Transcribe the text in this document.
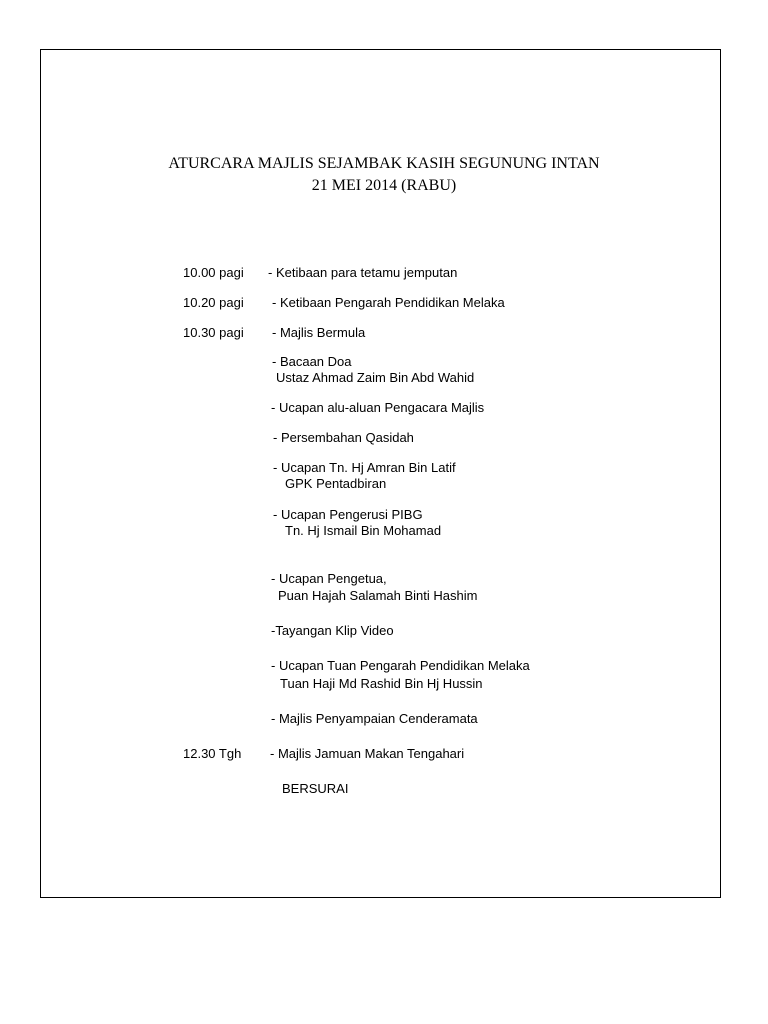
ATURCARA MAJLIS SEJAMBAK KASIH SEGUNUNG INTAN
21 MEI 2014 (RABU)
10.00 pagi - Ketibaan para tetamu jemputan
10.20 pagi - Ketibaan Pengarah Pendidikan Melaka
10.30 pagi - Majlis Bermula
- Bacaan Doa
Ustaz Ahmad Zaim Bin Abd Wahid
- Ucapan alu-aluan Pengacara Majlis
- Persembahan Qasidah
- Ucapan Tn. Hj Amran Bin Latif
GPK Pentadbiran
- Ucapan Pengerusi PIBG
Tn. Hj Ismail Bin Mohamad
- Ucapan Pengetua,
Puan Hajah Salamah Binti Hashim
-Tayangan Klip Video
- Ucapan Tuan Pengarah Pendidikan Melaka
Tuan Haji Md Rashid Bin Hj Hussin
- Majlis Penyampaian Cenderamata
12.30 Tgh - Majlis Jamuan Makan Tengahari
BERSURAI
